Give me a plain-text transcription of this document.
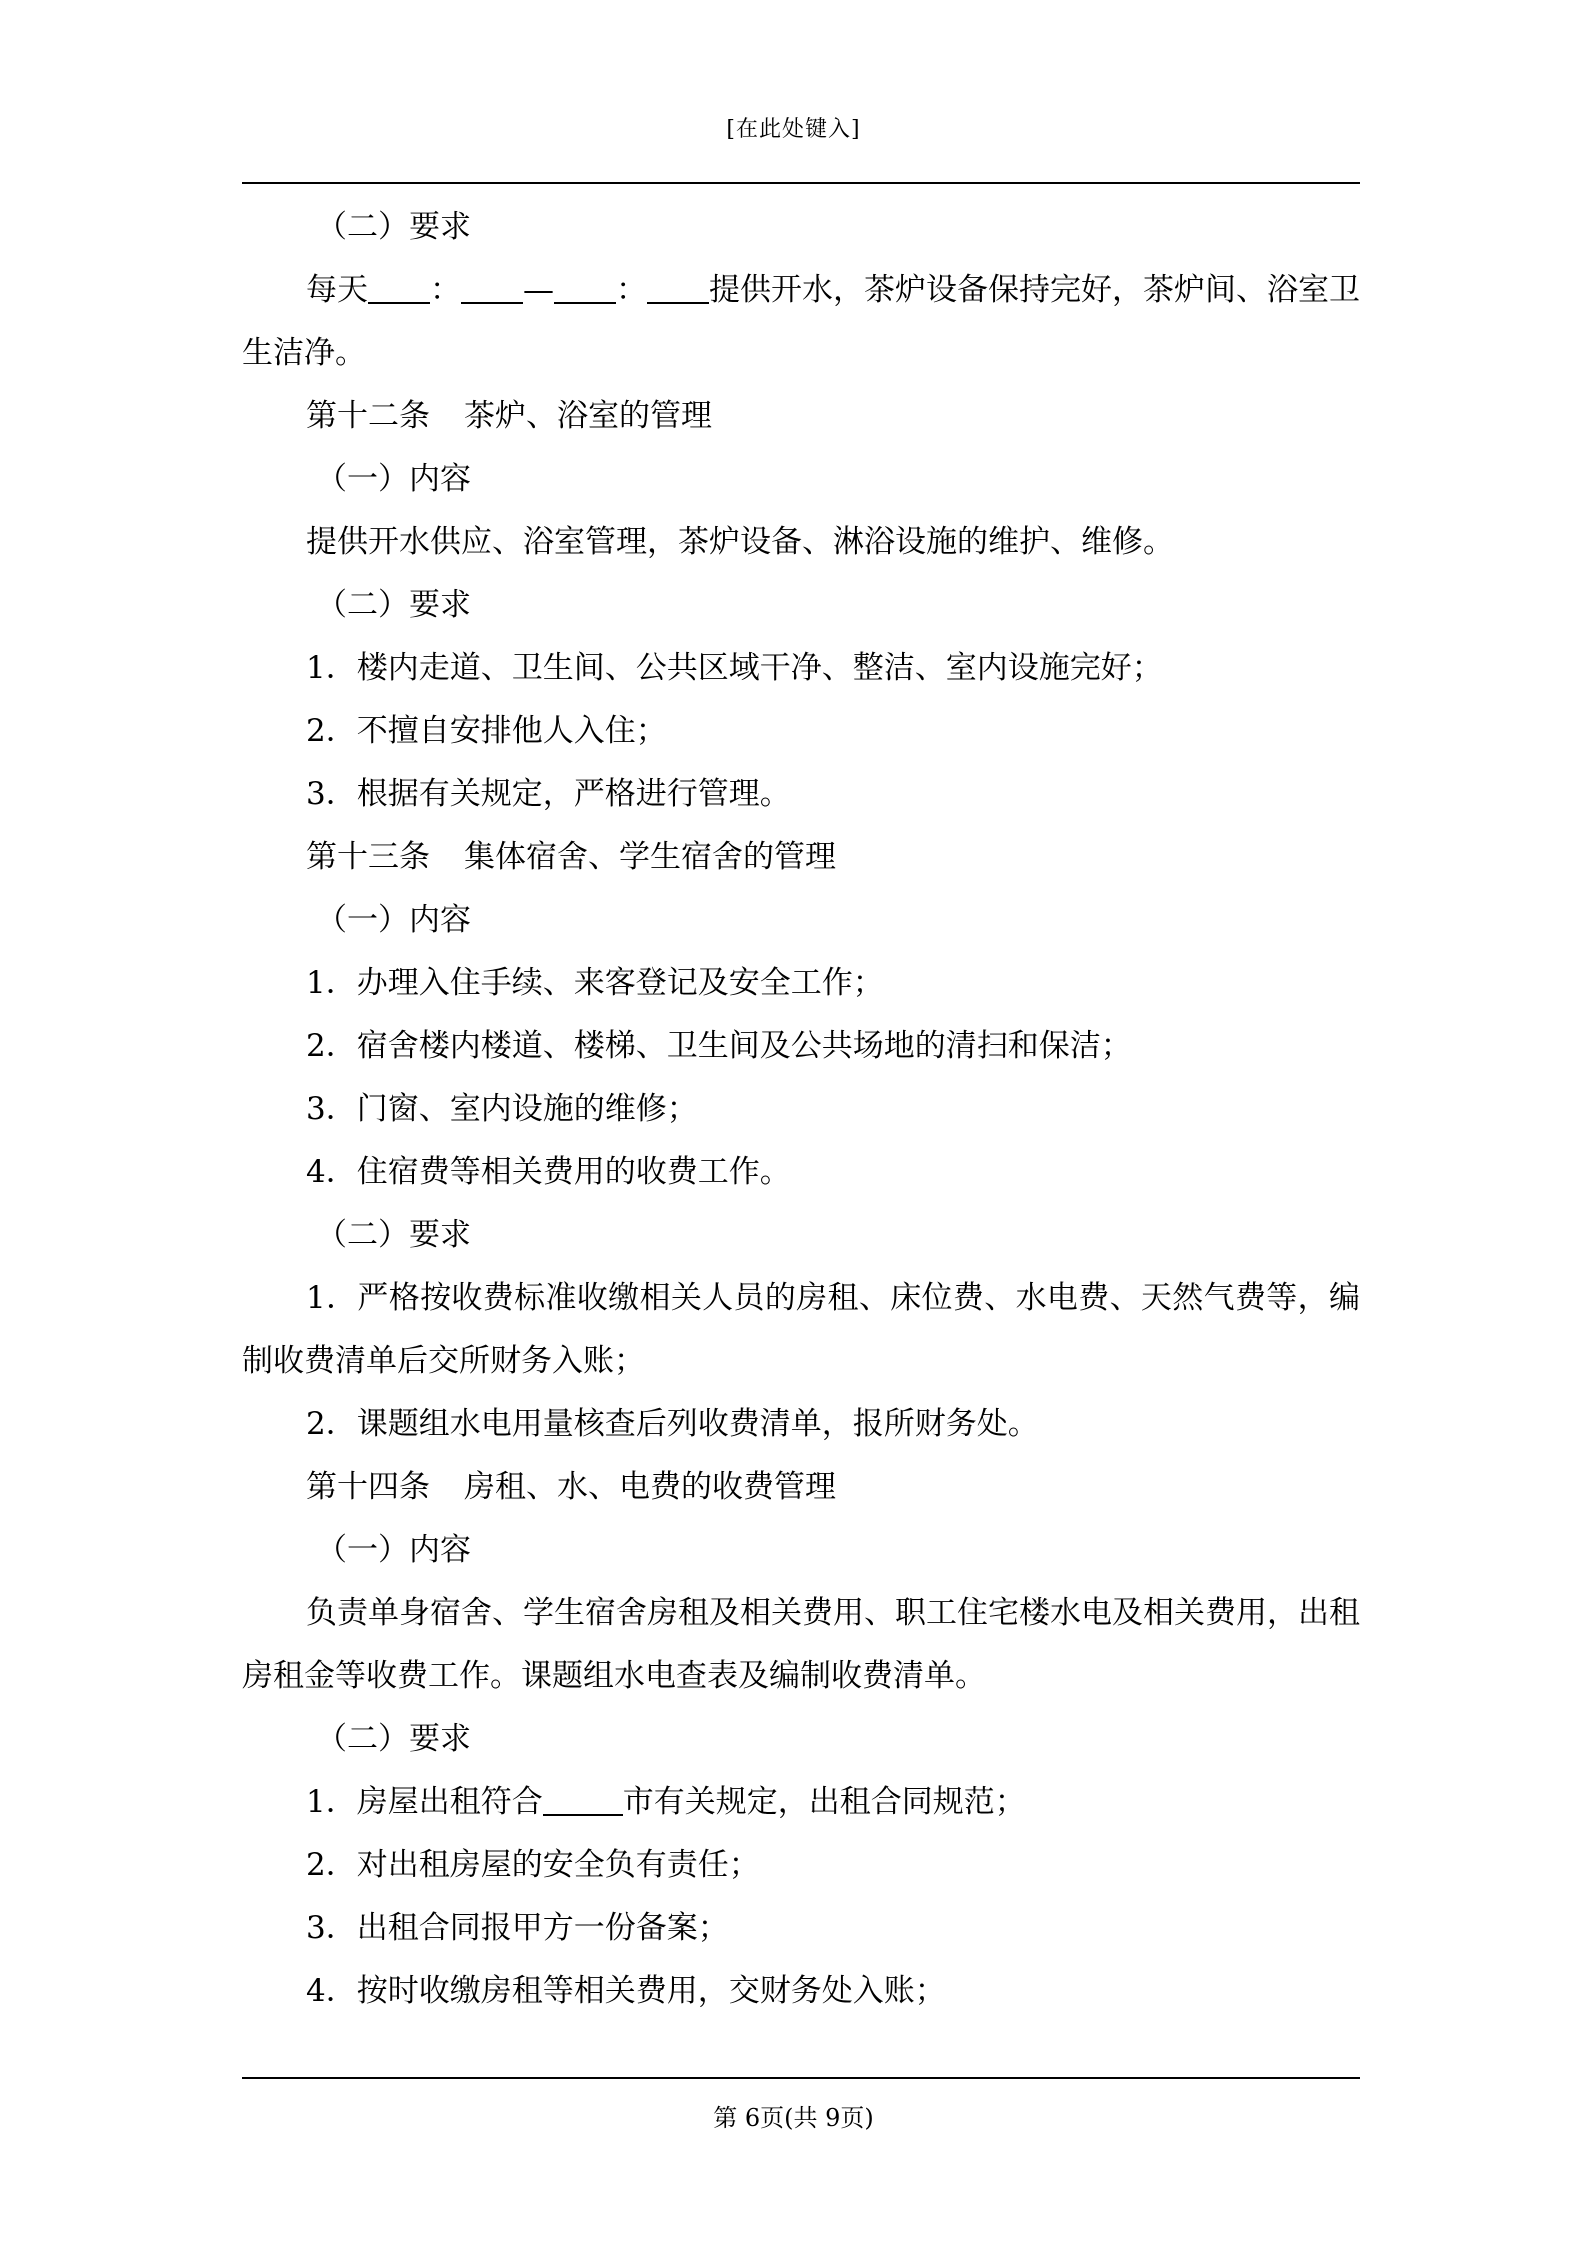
[在此处键入]
（二）要求
每天 ： — ： 提供开水，茶炉设备保持完好，茶炉间、浴室卫生洁净。
第十二条 茶炉、浴室的管理
（一）内容
提供开水供应、浴室管理，茶炉设备、淋浴设施的维护、维修。
（二）要求
1．楼内走道、卫生间、公共区域干净、整洁、室内设施完好；
2．不擅自安排他人入住；
3．根据有关规定，严格进行管理。
第十三条 集体宿舍、学生宿舍的管理
（一）内容
1．办理入住手续、来客登记及安全工作；
2．宿舍楼内楼道、楼梯、卫生间及公共场地的清扫和保洁；
3．门窗、室内设施的维修；
4．住宿费等相关费用的收费工作。
（二）要求
1．严格按收费标准收缴相关人员的房租、床位费、水电费、天然气费等，编制收费清单后交所财务入账；
2．课题组水电用量核查后列收费清单，报所财务处。
第十四条 房租、水、电费的收费管理
（一）内容
负责单身宿舍、学生宿舍房租及相关费用、职工住宅楼水电及相关费用，出租房租金等收费工作。课题组水电查表及编制收费清单。
（二）要求
1．房屋出租符合	市有关规定，出租合同规范；
2．对出租房屋的安全负有责任；
3．出租合同报甲方一份备案；
4．按时收缴房租等相关费用，交财务处入账；
第 6页(共 9页)
